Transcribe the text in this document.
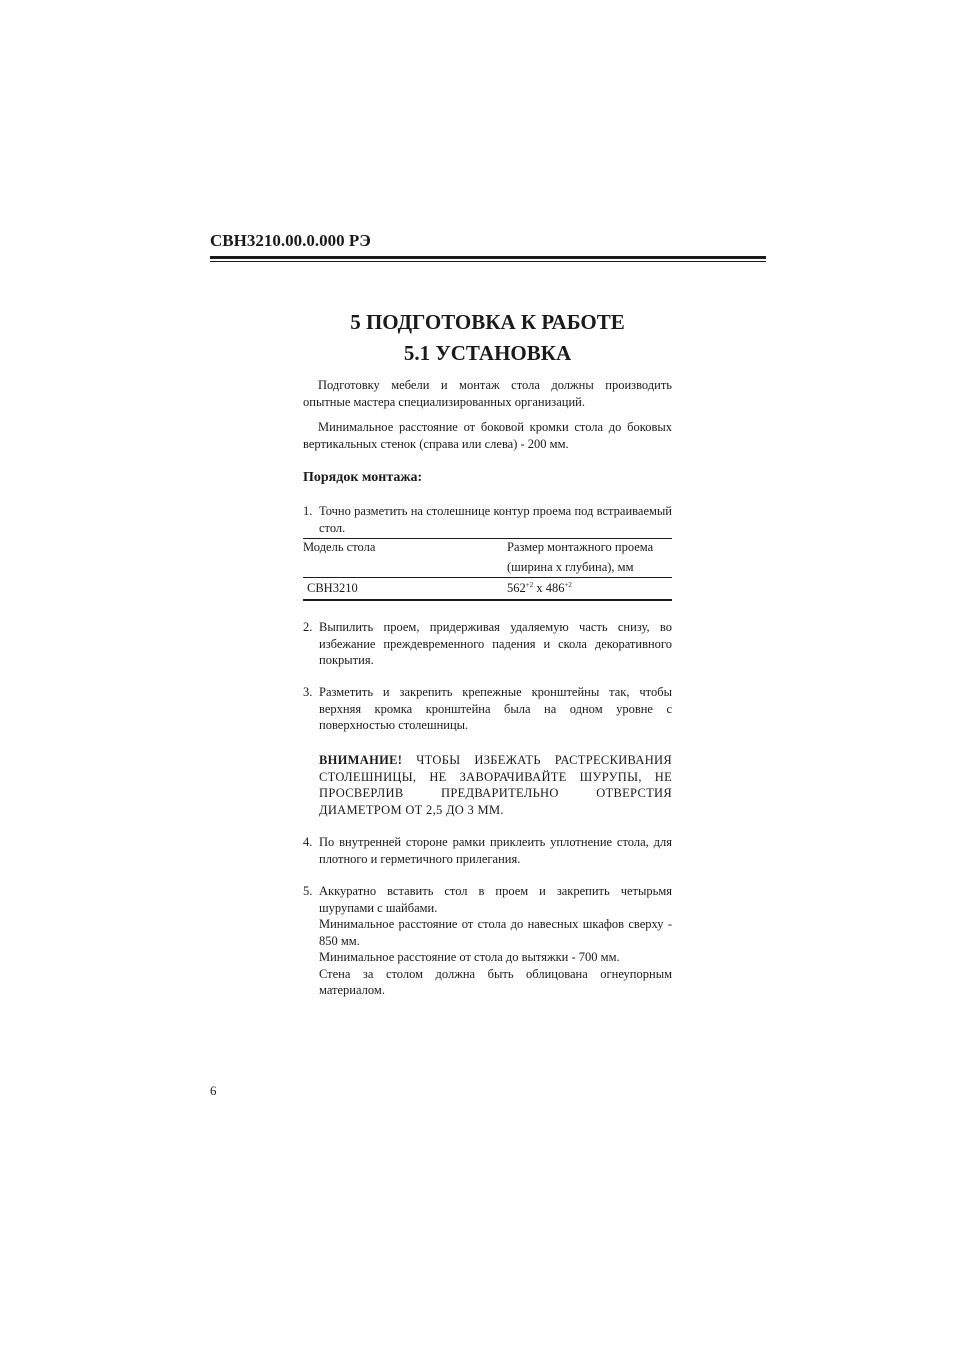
СВН3210.00.0.000 РЭ
5 ПОДГОТОВКА К РАБОТЕ
5.1 УСТАНОВКА

Подготовку мебели и монтаж стола должны производить опытные мастера специализированных организаций.

Минимальное расстояние от боковой кромки стола до боковых вертикальных стенок (справа или слева) - 200 мм.

Порядок монтажа:
1. Точно разметить на столешнице контур проема под встраиваемый стол.
Модель стола	Размер монтажного проема
(ширина х глубина), мм
СВН3210	$562^{+2}$ х $486^{+2}$
2. Выпилить проем, придерживая удаляемую часть снизу, во избежание преждевременного падения и скола декоративного покрытия.
3. Разметить и закрепить крепежные кронштейны так, чтобы верхняя кромка кронштейна была на одном уровне с поверхностью столешницы.
ВНИМАНИЕ! ЧТОБЫ ИЗБЕЖАТЬ РАСТРЕСКИВАНИЯ СТОЛЕШНИЦЫ, НЕ ЗАВОРАЧИВАЙТЕ ШУРУПЫ, НЕ ПРОСВЕРЛИВ ПРЕДВАРИТЕЛЬНО ОТВЕРСТИЯ ДИАМЕТРОМ ОТ 2,5 ДО 3 ММ.
4. По внутренней стороне рамки приклеить уплотнение стола, для плотного и герметичного прилегания.
5. Аккуратно вставить стол в проем и закрепить четырьмя шурупами с шайбами.
Минимальное расстояние от стола до навесных шкафов сверху - 850 мм.
Минимальное расстояние от стола до вытяжки - 700 мм.
Стена за столом должна быть облицована огнеупорным материалом.
6
